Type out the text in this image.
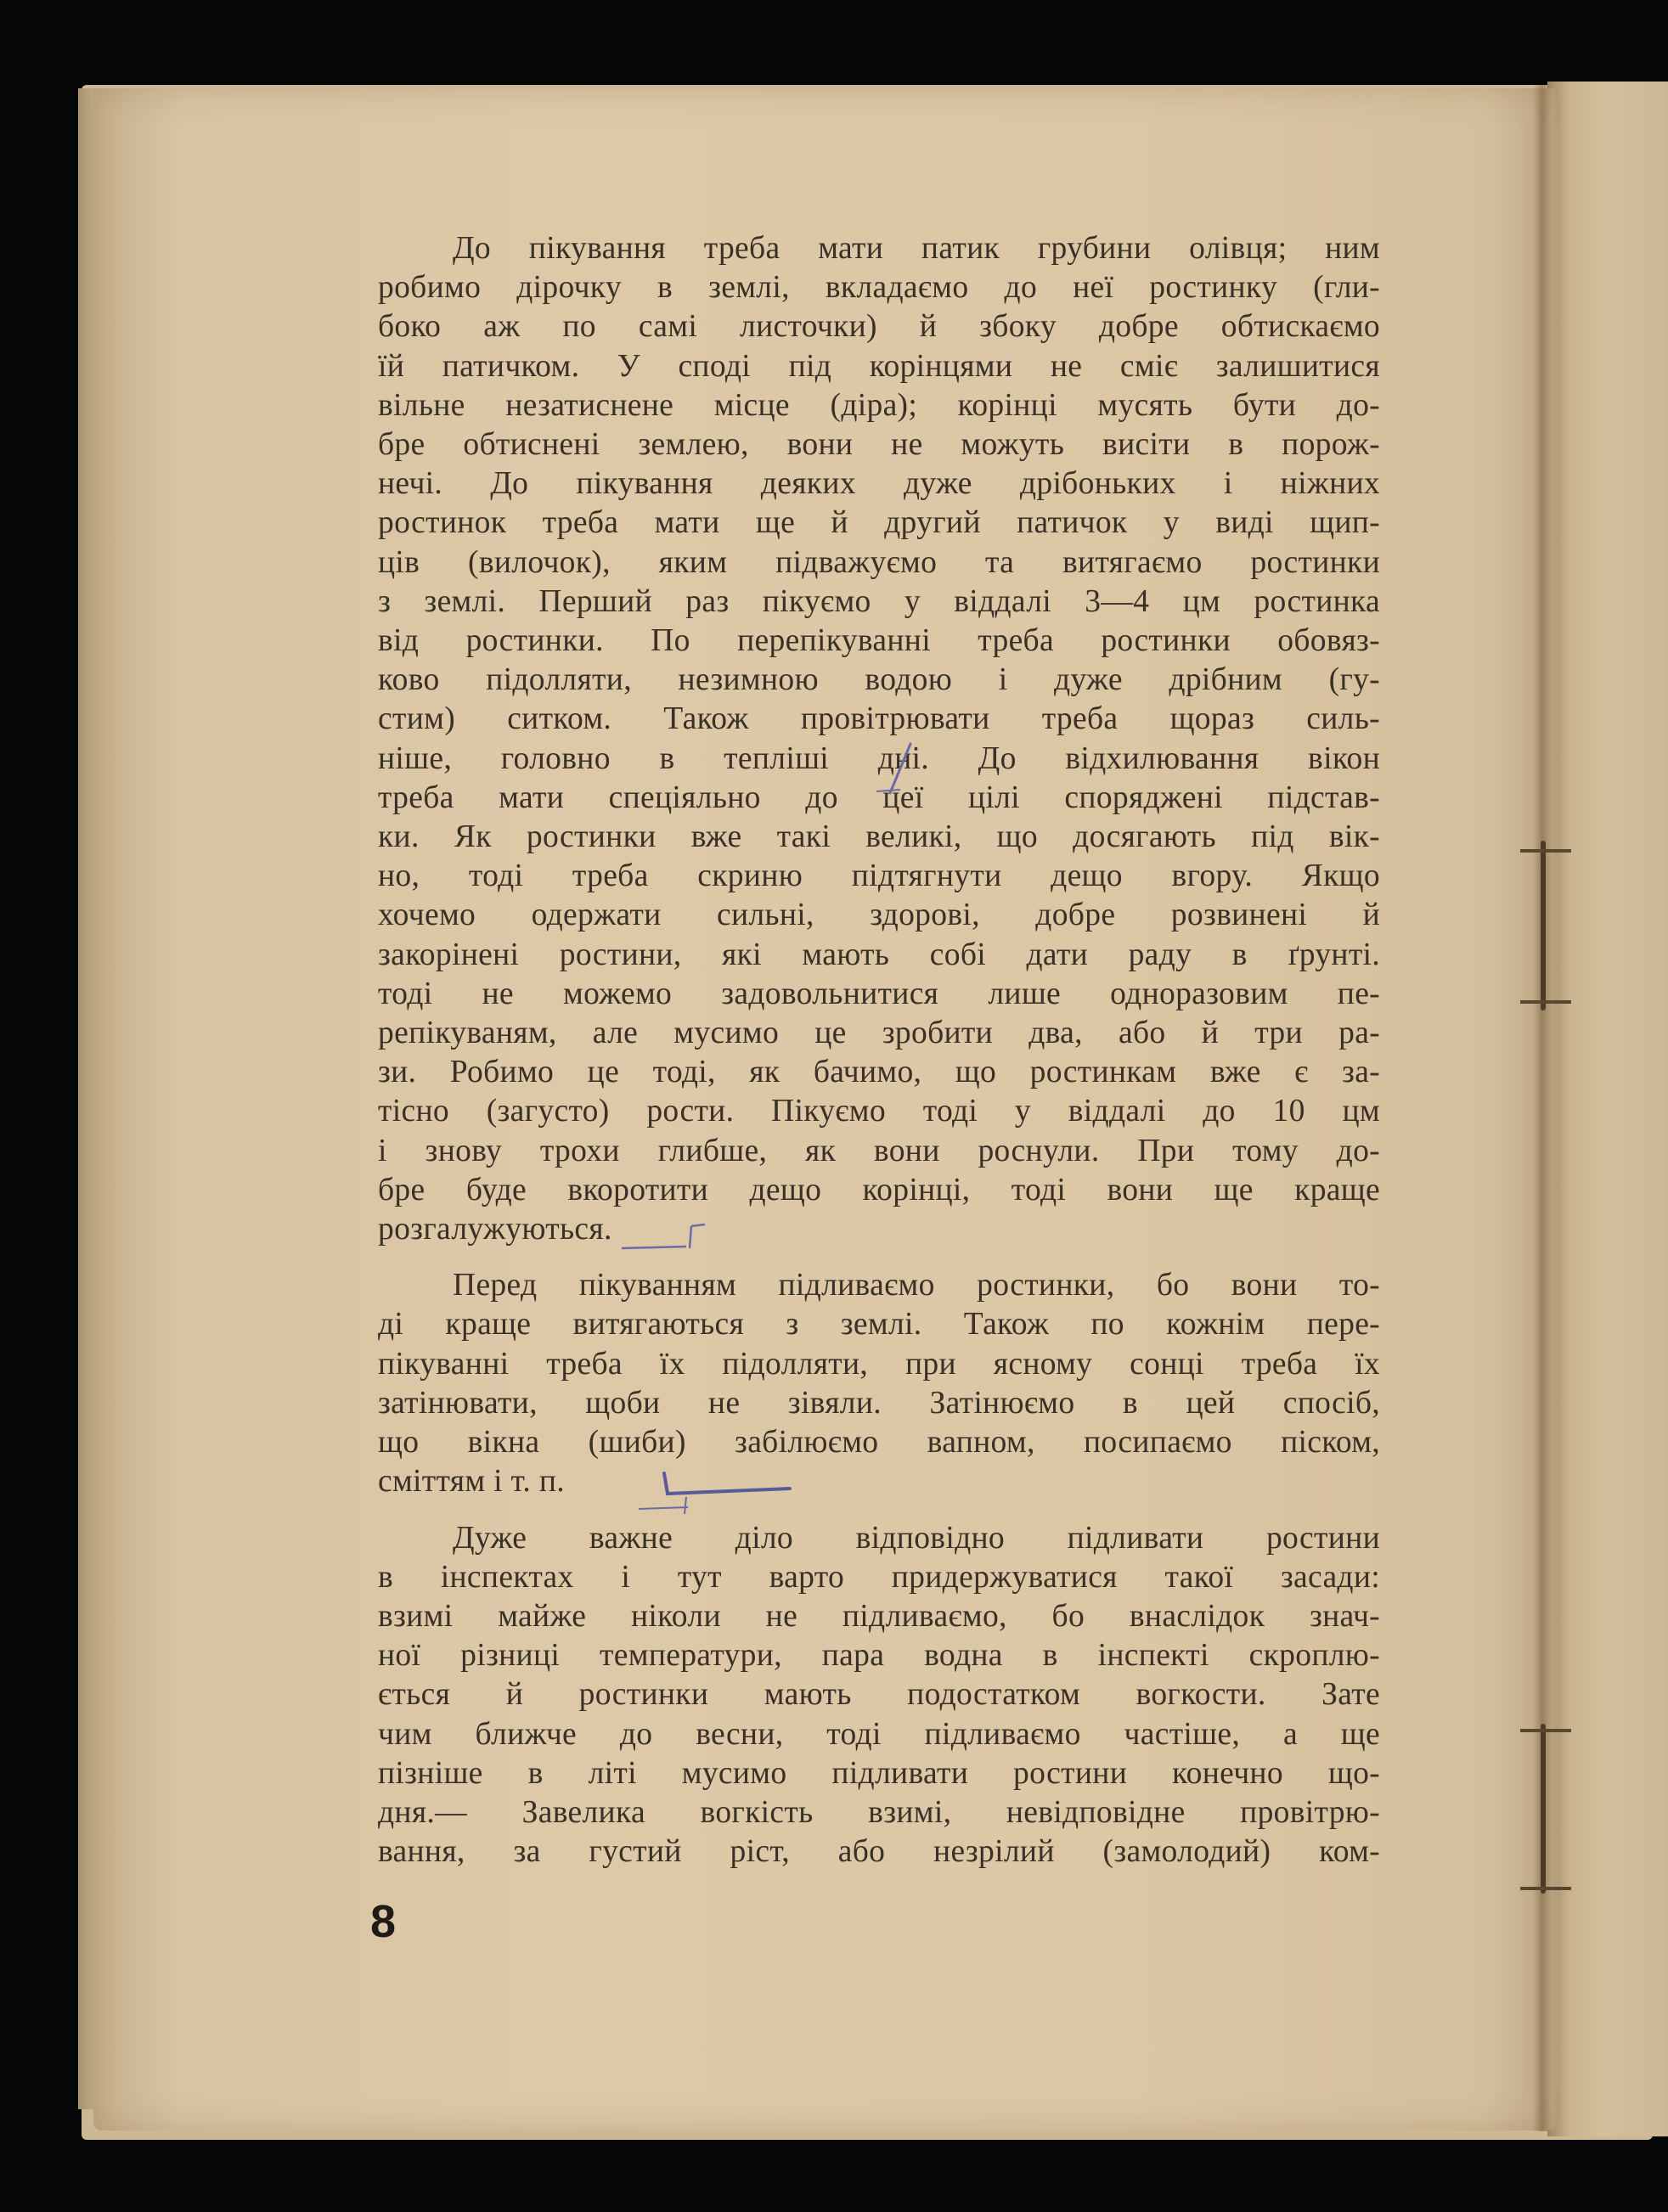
До пікування треба мати патик грубини олівця; ним
робимо дірочку в землі, вкладаємо до неї ростинку (гли-
боко аж по самі листочки) й збоку добре обтискаємо
їй патичком. У споді під корінцями не сміє залишитися
вільне незатиснене місце (діра); корінці мусять бути до-
бре обтиснені землею, вони не можуть висіти в порож-
нечі. До пікування деяких дуже дрібонькиx і ніжних
ростинок треба мати ще й другий патичок у виді щип-
ців (вилочок), яким підважуємо та витягаємо ростинки
з землі. Перший раз пікуємо у віддалі 3—4 цм ростинка
від ростинки. По перепікуванні треба ростинки обовяз-
ково підолляти, незимною водою і дуже дрібним (гу-
стим) ситком. Також провітрювати треба щораз силь-
ніше, головно в тепліші дні. До відхилювання вікон
треба мати спеціяльно до цеї цілі споряджені підстав-
ки. Як ростинки вже такі великі, що досягають під вік-
но, тоді треба скриню підтягнути дещо вгору. Якщо
хочемо одержати сильні, здорові, добре розвинені й
закорінені ростини, які мають собі дати раду в ґрунті.
тоді не можемо задовольнитися лише одноразовим пе-
репікуваням, але мусимо це зробити два, або й три ра-
зи. Робимо це тоді, як бачимо, що ростинкам вже є за-
тісно (загусто) рости. Пікуємо тоді у віддалі до 10 цм
і знову трохи глибше, як вони роснули. При тому до-
бре буде вкоротити дещо корінці, тоді вони ще краще
розгалужуються.
Перед пікуванням підливаємо ростинки, бо вони то-
ді краще витягаються з землі. Також по кожнім пере-
пікуванні треба їх підолляти, при ясному сонці треба їх
затінювати, щоби не зівяли. Затінюємо в цей спосіб,
що вікна (шиби) забілюємо вапном, посипаємо піском,
сміттям і т. п.
Дуже важне діло відповідно підливати ростини
в інспектах і тут варто придержуватися такої засади:
взимі майже ніколи не підливаємо, бо внаслідок знач-
ної різниці температури, пара водна в інспекті скроплю-
ється й ростинки мають подостатком вогкости. Зате
чим ближче до весни, тоді підливаємо частіше, а ще
пізніше в літі мусимо підливати ростини конечно що-
дня.— Завелика вогкість взимі, невідповідне провітрю-
вання, за густий ріст, або незрілий (замолодий) ком-
8
